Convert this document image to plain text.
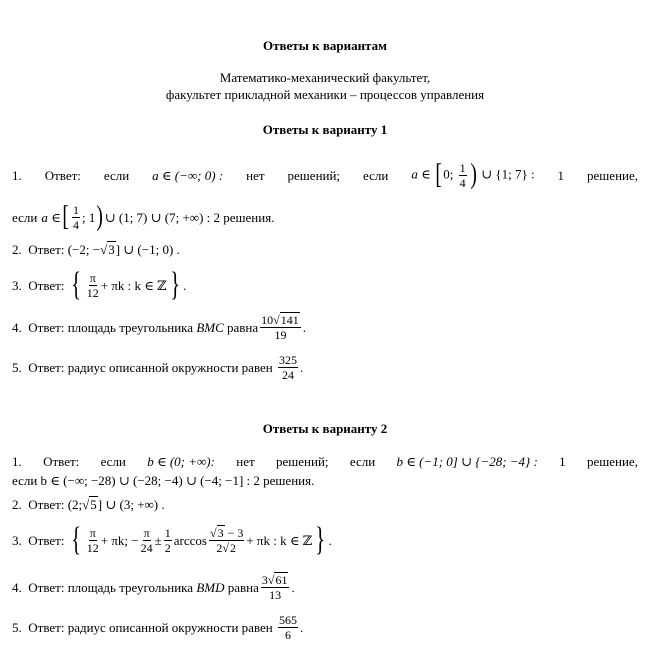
Ответы к вариантам
Математико-механический факультет,
факультет прикладной механики – процессов управления
Ответы к варианту 1
1. Ответ: если a ∈ (−∞; 0) : нет решений; если a ∈ [0; $\frac{1}{4}$ ) ∪ {1; 7} : 1 решение,
если a ∈ [ $\frac{1}{4}$ ; 1 ) ∪ (1; 7) ∪ (7; +∞) : 2 решения.
2. Ответ: (−2; −√3] ∪ (−1; 0) .
3.
Ответ: { $\frac{\pi}{12} + \pi k$ : k ∈ ℤ } .
4.
Ответ: площадь треугольника
BMC
равна $\frac{10√141}{19}$ .
5.
Ответ: радиус описанной окружности равен
$\frac{325}{24}$ .
Ответы к варианту 2
1. Ответ: если b ∈ (0; +∞): нет решений; если b ∈ (−1; 0] ∪ {−28; −4} : 1 решение,
если b ∈ (−∞; −28) ∪ (−28; −4) ∪ (−4; −1] : 2 решения.
2. Ответ: (2;√5] ∪ (3; +∞) .
3.
Ответ: { $\frac{\pi}{12} + \pi k$; − $\frac{\pi}{24} \pm \frac{1}{2}$ $\arccos \frac{√3 - 3}{2√2} + \pi k$ : k ∈ ℤ } .
4.
Ответ: площадь треугольника
BMD
равна $\frac{3√61}{13}$ .
5.
Ответ: радиус описанной окружности равен
$\frac{565}{6}$ .
